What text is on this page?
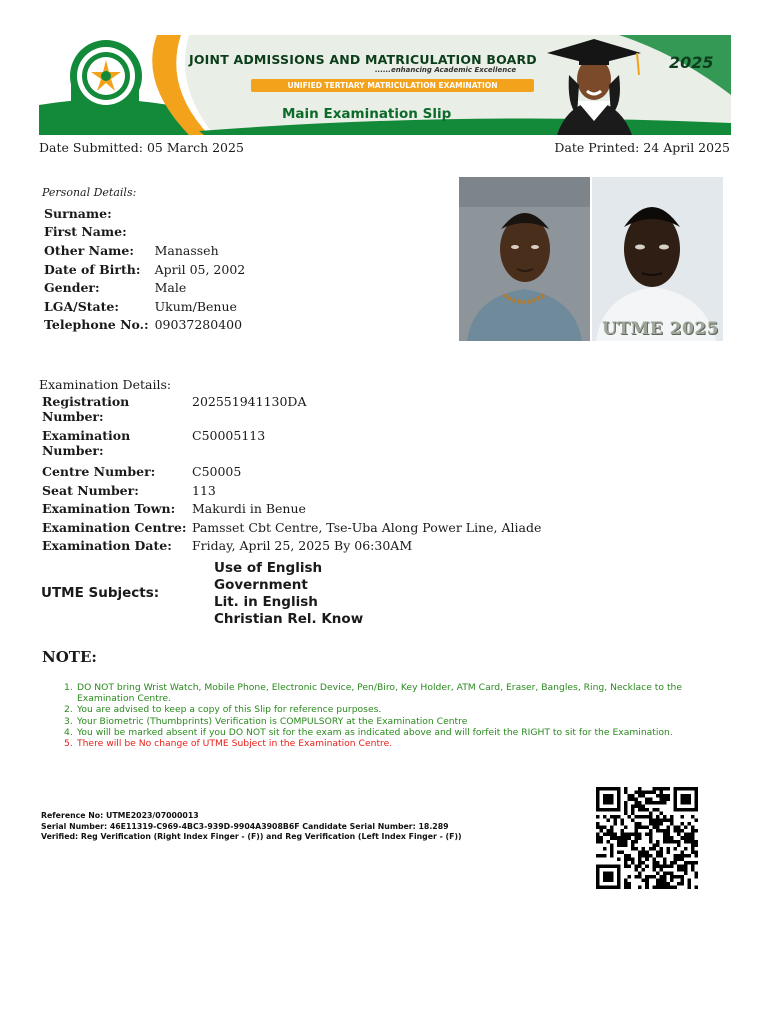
JOINT ADMISSIONS AND MATRICULATION BOARD
......enhancing Academic Excellence
UNIFIED TERTIARY MATRICULATION EXAMINATION
Main Examination Slip
2025
Date Submitted: 05 March 2025	Date Printed: 24 April 2025
Personal Details:
Surname:	
First Name:	
Other Name:	Manasseh
Date of Birth:	April 05, 2002
Gender:	Male
LGA/State:	Ukum/Benue
Telephone No.:	09037280400	UTME 2025
Examination Details:
Registration Number:	202551941130DA
Examination Number:	C50005113
Centre Number:	C50005
Seat Number:	113
Examination Town:	Makurdi in Benue
Examination Centre:	Pamsset Cbt Centre, Tse-Uba Along Power Line, Aliade
Examination Date:	Friday, April 25, 2025 By 06:30AM
UTME Subjects:
Use of English
Government
Lit. in English
Christian Rel. Know
NOTE:
1. DO NOT bring Wrist Watch, Mobile Phone, Electronic Device, Pen/Biro, Key Holder, ATM Card, Eraser, Bangles, Ring, Necklace to the Examination Centre.
2. You are advised to keep a copy of this Slip for reference purposes.
3. Your Biometric (Thumbprints) Verification is COMPULSORY at the Examination Centre
4. You will be marked absent if you DO NOT sit for the exam as indicated above and will forfeit the RIGHT to sit for the Examination.
5. There will be No change of UTME Subject in the Examination Centre.
Reference No: UTME2023/07000013
Serial Number: 46E11319-C969-4BC3-939D-9904A3908B6F Candidate Serial Number: 18.289
Verified: Reg Verification (Right Index Finger - (F)) and Reg Verification (Left Index Finger - (F))
